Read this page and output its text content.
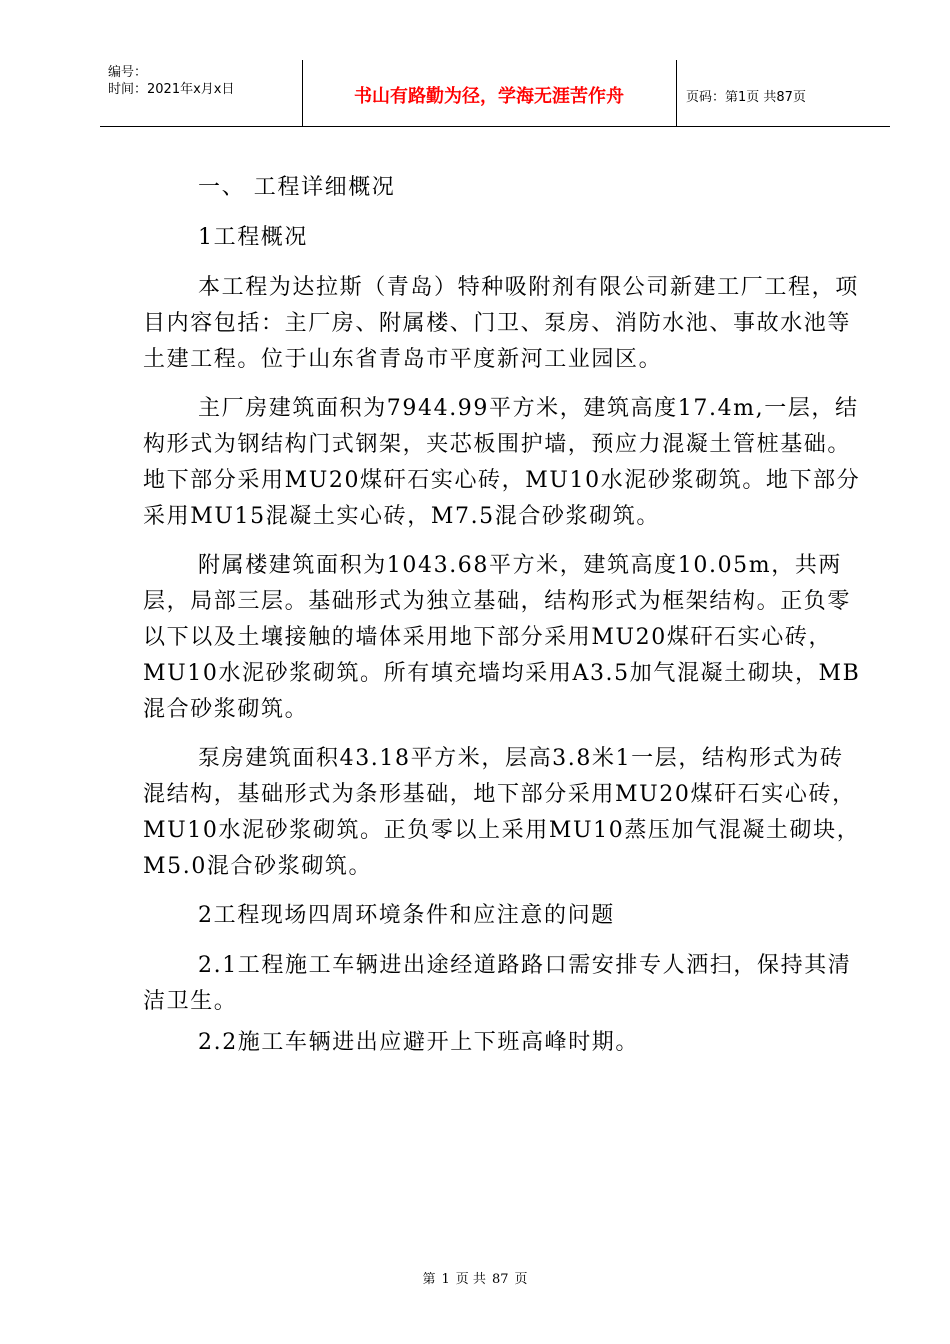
编号：
时间：2021年x月x日	书山有路勤为径，学海无涯苦作舟	页码：第1页 共87页

一、 工程详细概况

1工程概况

本工程为达拉斯（青岛）特种吸附剂有限公司新建工厂工程，项目内容包括：主厂房、附属楼、门卫、泵房、消防水池、事故水池等土建工程。位于山东省青岛市平度新河工业园区。

主厂房建筑面积为7944.99平方米，建筑高度17.4m,一层，结构形式为钢结构门式钢架，夹芯板围护墙，预应力混凝土管桩基础。地下部分采用MU20煤矸石实心砖，MU10水泥砂浆砌筑。地下部分采用MU15混凝土实心砖，M7.5混合砂浆砌筑。

附属楼建筑面积为1043.68平方米，建筑高度10.05m，共两层，局部三层。基础形式为独立基础，结构形式为框架结构。正负零以下以及土壤接触的墙体采用地下部分采用MU20煤矸石实心砖，MU10水泥砂浆砌筑。所有填充墙均采用A3.5加气混凝土砌块，MB混合砂浆砌筑。

泵房建筑面积43.18平方米，层高3.8米1一层，结构形式为砖混结构，基础形式为条形基础，地下部分采用MU20煤矸石实心砖，MU10水泥砂浆砌筑。正负零以上采用MU10蒸压加气混凝土砌块，M5.0混合砂浆砌筑。

2工程现场四周环境条件和应注意的问题

2.1工程施工车辆进出途经道路路口需安排专人洒扫，保持其清洁卫生。

2.2施工车辆进出应避开上下班高峰时期。

第 1 页 共 87 页
